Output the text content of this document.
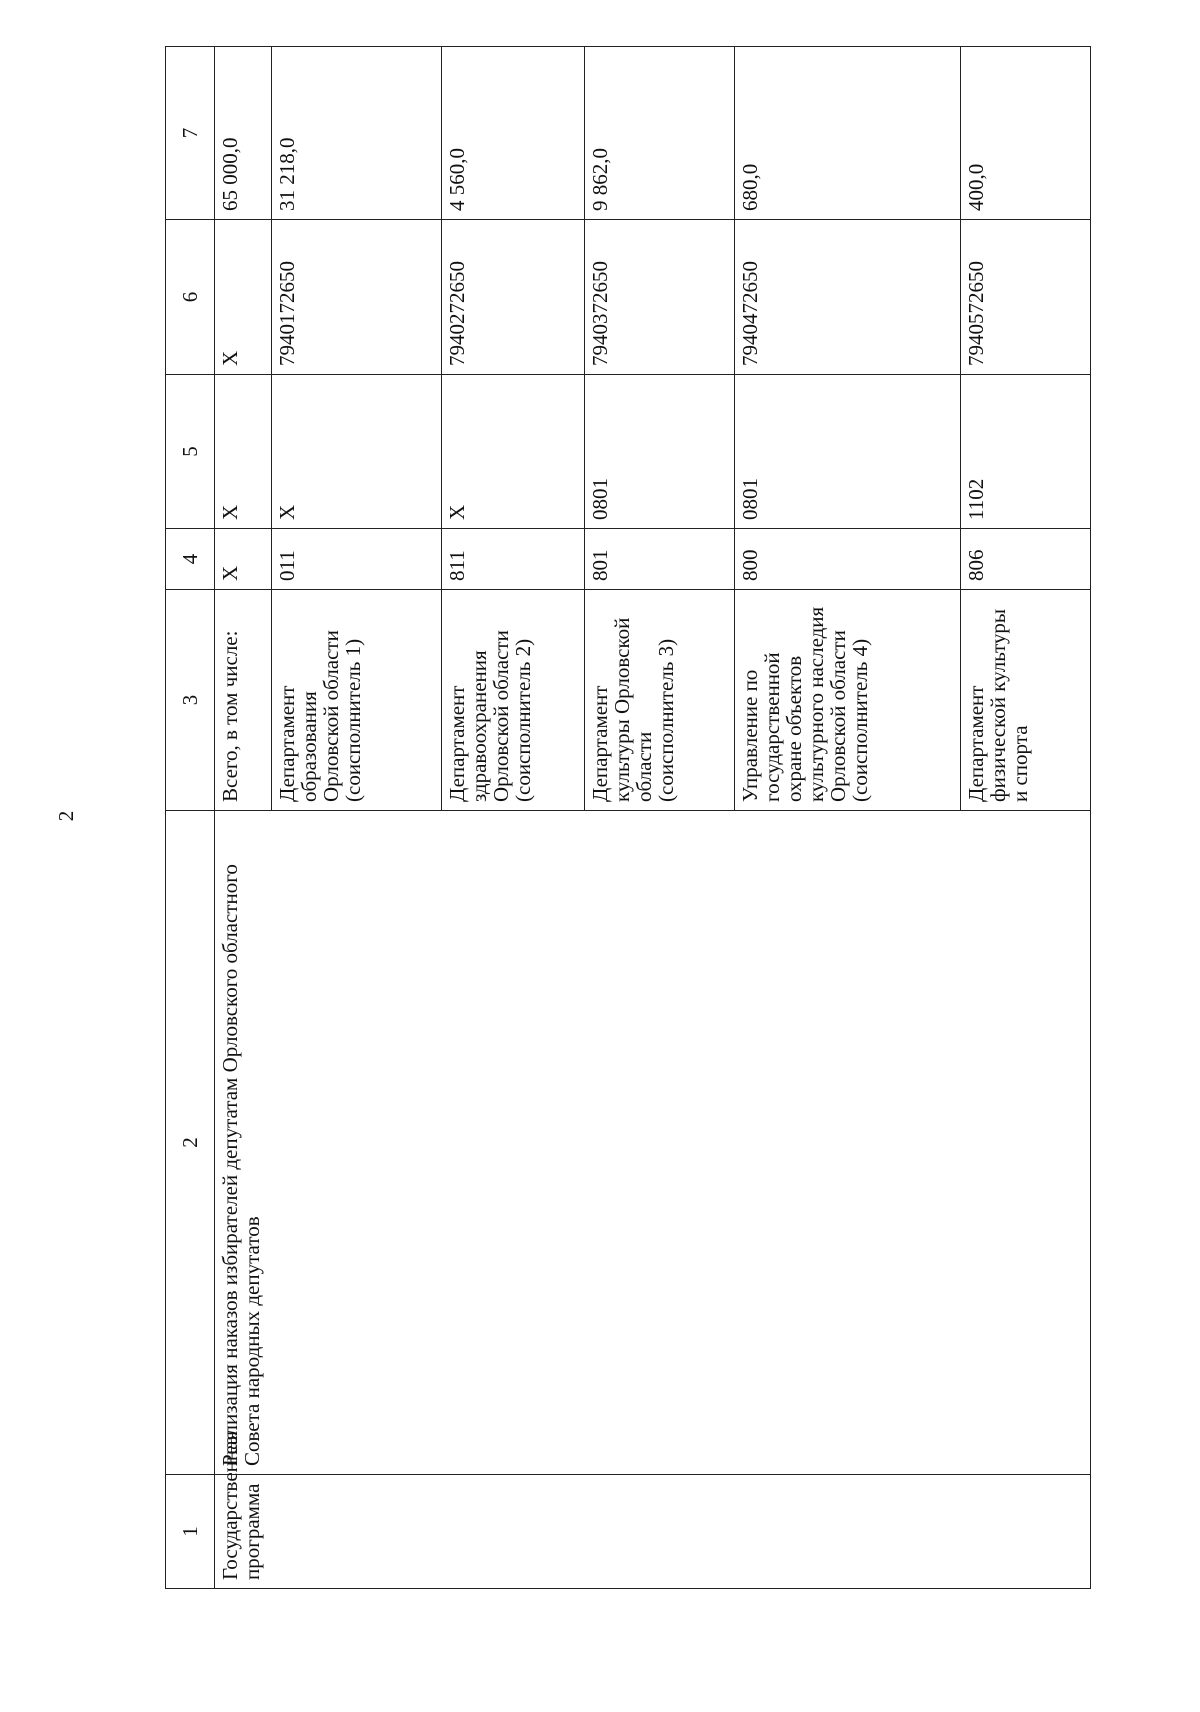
2
1	2	3	4	5	6	7
Государственная программа	Реализация наказов избирателей депутатам Орловского областного Совета народных депутатов	Всего, в том числе:	Х	Х	Х	65 000,0
		Департамент образования Орловской области (соисполнитель 1)	011	Х	7940172650	31 218,0
		Департамент здравоохранения Орловской области (соисполнитель 2)	811	Х	7940272650	4 560,0
		Департамент культуры Орловской области (соисполнитель 3)	801	0801	7940372650	9 862,0
		Управление по государственной охране объектов культурного наследия Орловской области (соисполнитель 4)	800	0801	7940472650	680,0
		Департамент физической культуры и спорта	806	1102	7940572650	400,0
